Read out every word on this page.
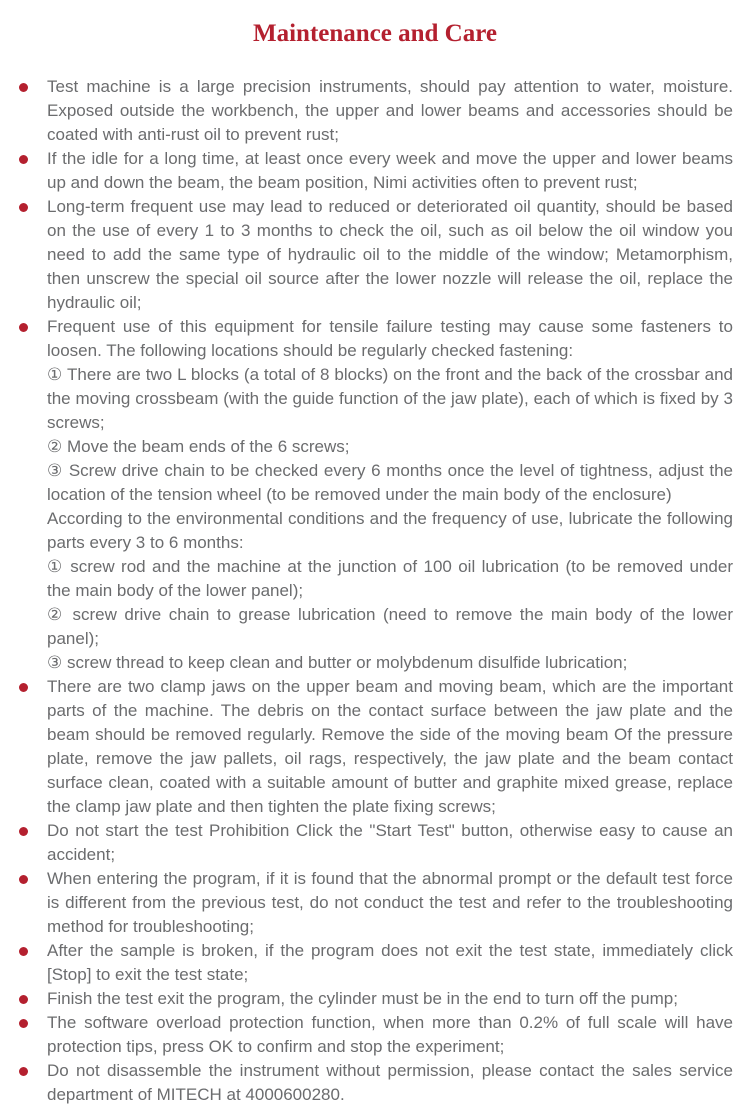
Maintenance and Care

Test machine is a large precision instruments, should pay attention to water, moisture. Exposed outside the workbench, the upper and lower beams and accessories should be coated with anti-rust oil to prevent rust;

If the idle for a long time, at least once every week and move the upper and lower beams up and down the beam, the beam position, Nimi activities often to prevent rust;

Long-term frequent use may lead to reduced or deteriorated oil quantity, should be based on the use of every 1 to 3 months to check the oil, such as oil below the oil window you need to add the same type of hydraulic oil to the middle of the window; Metamorphism, then unscrew the special oil source after the lower nozzle will release the oil, replace the hydraulic oil;

Frequent use of this equipment for tensile failure testing may cause some fasteners to loosen. The following locations should be regularly checked fastening:

① There are two L blocks (a total of 8 blocks) on the front and the back of the crossbar and the moving crossbeam (with the guide function of the jaw plate), each of which is fixed by 3 screws;

② Move the beam ends of the 6 screws;

③ Screw drive chain to be checked every 6 months once the level of tightness, adjust the location of the tension wheel (to be removed under the main body of the enclosure)

According to the environmental conditions and the frequency of use, lubricate the following parts every 3 to 6 months:

① screw rod and the machine at the junction of 100 oil lubrication (to be removed under the main body of the lower panel);

② screw drive chain to grease lubrication (need to remove the main body of the lower panel);

③ screw thread to keep clean and butter or molybdenum disulfide lubrication;

There are two clamp jaws on the upper beam and moving beam, which are the important parts of the machine. The debris on the contact surface between the jaw plate and the beam should be removed regularly. Remove the side of the moving beam Of the pressure plate, remove the jaw pallets, oil rags, respectively, the jaw plate and the beam contact surface clean, coated with a suitable amount of butter and graphite mixed grease, replace the clamp jaw plate and then tighten the plate fixing screws;

Do not start the test Prohibition Click the "Start Test" button, otherwise easy to cause an accident;

When entering the program, if it is found that the abnormal prompt or the default test force is different from the previous test, do not conduct the test and refer to the troubleshooting method for troubleshooting;

After the sample is broken, if the program does not exit the test state, immediately click [Stop] to exit the test state;

Finish the test exit the program, the cylinder must be in the end to turn off the pump;

The software overload protection function, when more than 0.2% of full scale will have protection tips, press OK to confirm and stop the experiment;

Do not disassemble the instrument without permission, please contact the sales service department of MITECH at 4000600280.
